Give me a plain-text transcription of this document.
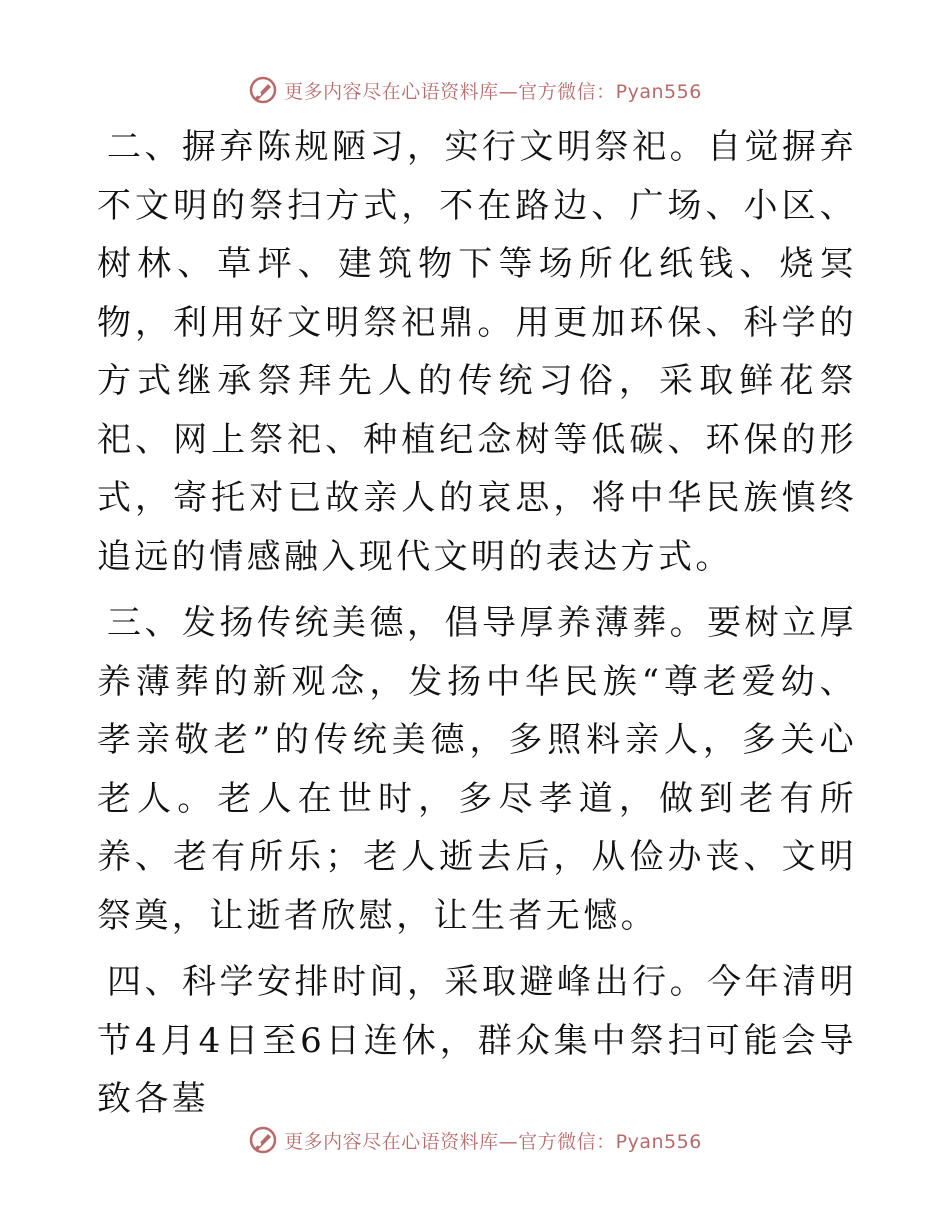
更多内容尽在心语资料库—官方微信：Pyan556

二、摒弃陈规陋习，实行文明祭祀。自觉摒弃不文明的祭扫方式，不在路边、广场、小区、树林、草坪、建筑物下等场所化纸钱、烧冥物，利用好文明祭祀鼎。用更加环保、科学的方式继承祭拜先人的传统习俗，采取鲜花祭祀、网上祭祀、种植纪念树等低碳、环保的形式，寄托对已故亲人的哀思，将中华民族慎终追远的情感融入现代文明的表达方式。

三、发扬传统美德，倡导厚养薄葬。要树立厚养薄葬的新观念，发扬中华民族“尊老爱幼、孝亲敬老”的传统美德，多照料亲人，多关心老人。老人在世时，多尽孝道，做到老有所养、老有所乐；老人逝去后，从俭办丧、文明祭奠，让逝者欣慰，让生者无憾。

四、科学安排时间，采取避峰出行。今年清明节4月4日至6日连休，群众集中祭扫可能会导致各墓

更多内容尽在心语资料库—官方微信：Pyan556
